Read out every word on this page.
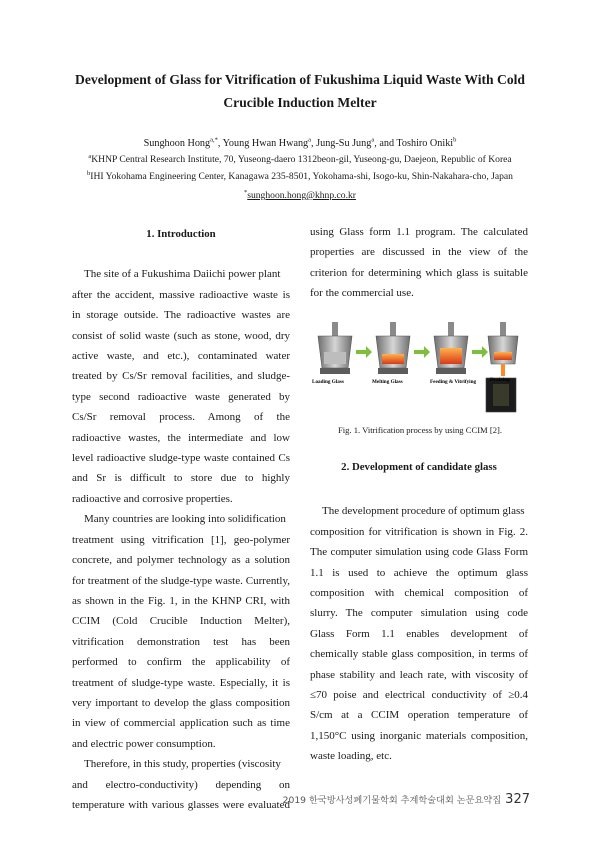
Development of Glass for Vitrification of Fukushima Liquid Waste With Cold
Crucible Induction Melter
Sunghoon Hong$^{a,*}$, Young Hwan Hwang$^a$, Jung-Su Jung$^a$, and Toshiro Oniki$^b$
$^a$KHNP Central Research Institute, 70, Yuseong-daero 1312beon-gil, Yuseong-gu, Daejeon, Republic of Korea
$^b$IHI Yokohama Engineering Center, Kanagawa 235-8501, Yokohama-shi, Isogo-ku, Shin-Nakahara-cho, Japan
*sunghoon.hong@khnp.co.kr
1. Introduction
The site of a Fukushima Daiichi power plant
after the accident, massive radioactive waste is
in storage outside. The radioactive wastes are
consist of solid waste (such as stone, wood, dry
active waste, and etc.), contaminated water
treated by Cs/Sr removal facilities, and sludge-
type second radioactive waste generated by
Cs/Sr removal process. Among of the
radioactive wastes, the intermediate and low
level radioactive sludge-type waste contained Cs
and Sr is difficult to store due to highly
radioactive and corrosive properties.
Many countries are looking into solidification
treatment using vitrification [1], geo-polymer
concrete, and polymer technology as a solution
for treatment of the sludge-type waste. Currently,
as shown in the Fig. 1, in the KHNP CRI, with
CCIM (Cold Crucible Induction Melter),
vitrification demonstration test has been
performed to confirm the applicability of
treatment of sludge-type waste. Especially, it is
very important to develop the glass composition
in view of commercial application such as time
and electric power consumption.
Therefore, in this study, properties (viscosity
and electro-conductivity) depending on
temperature with various glasses were evaluated
using Glass form 1.1 program. The calculated
properties are discussed in the view of the
criterion for determining which glass is suitable
for the commercial use.
Loading Glass	Melting Glass	Feeding & Vitrifying	Draining
Fig. 1. Vitrification process by using CCIM [2].
2. Development of candidate glass
The development procedure of optimum glass
composition for vitrification is shown in Fig. 2.
The computer simulation using code Glass Form
1.1 is used to achieve the optimum glass
composition with chemical composition of
slurry. The computer simulation using code
Glass Form 1.1 enables development of
chemically stable glass composition, in terms of
phase stability and leach rate, with viscosity of
≤70 poise and electrical conductivity of ≥0.4
S/cm at a CCIM operation temperature of
1,150°C using inorganic materials composition,
waste loading, etc.
2019 한국방사성폐기물학회 추계학술대회 논문요약집 327
